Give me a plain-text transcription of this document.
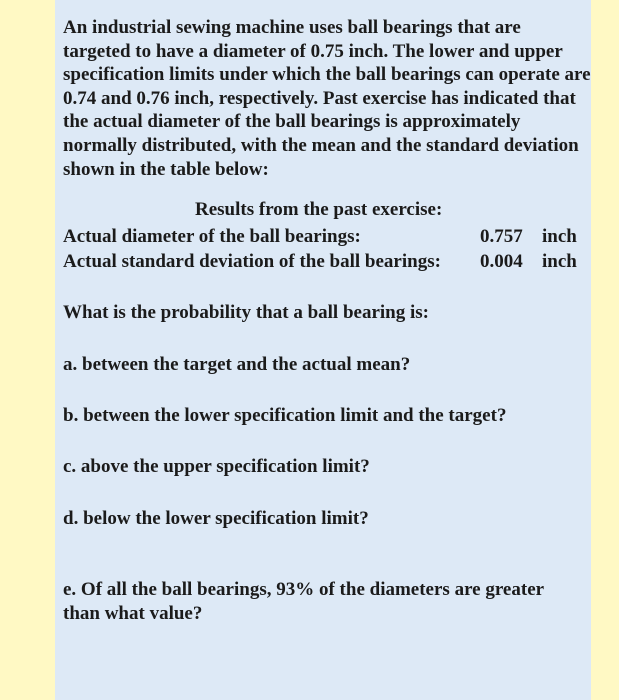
An industrial sewing machine uses ball bearings that are targeted to have a diameter of 0.75 inch. The lower and upper specification limits under which the ball bearings can operate are 0.74 and 0.76 inch, respectively. Past exercise has indicated that the actual diameter of the ball bearings is approximately normally distributed, with the mean and the standard deviation shown in the table below:

Results from the past exercise:

Actual diameter of the ball bearings:	0.757 inch
Actual standard deviation of the ball bearings: 0.004 inch

What is the probability that a ball bearing is:

a. between the target and the actual mean?

b. between the lower specification limit and the target?

c. above the upper specification limit?

d. below the lower specification limit?

e. Of all the ball bearings, 93% of the diameters are greater than what value?
